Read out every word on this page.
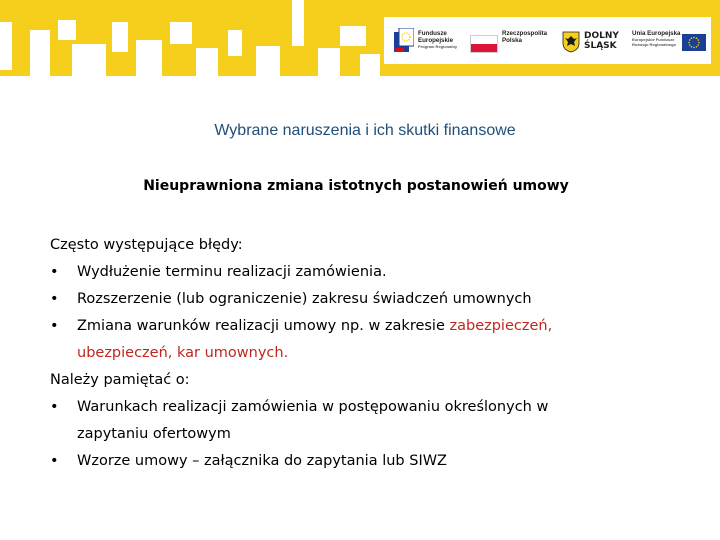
Fundusze Europejskie
Program Regionalny
Rzeczpospolita Polska	DOLNY ŚLĄSK
Unia Europejska
Europejskie Fundusze Rozwoju Regionalnego
Wybrane naruszenia i ich skutki finansowe
Nieuprawniona zmiana istotnych postanowień umowy
Często występujące błędy:
•	Wydłużenie terminu realizacji zamówienia.
•	Rozszerzenie (lub ograniczenie) zakresu świadczeń umownych
•	Zmiana warunków realizacji umowy np. w zakresie zabezpieczeń,
ubezpieczeń, kar umownych.
Należy pamiętać o:
•	Warunkach realizacji zamówienia w postępowaniu określonych w
zapytaniu ofertowym
•	Wzorze umowy – załącznika do zapytania lub SIWZ
